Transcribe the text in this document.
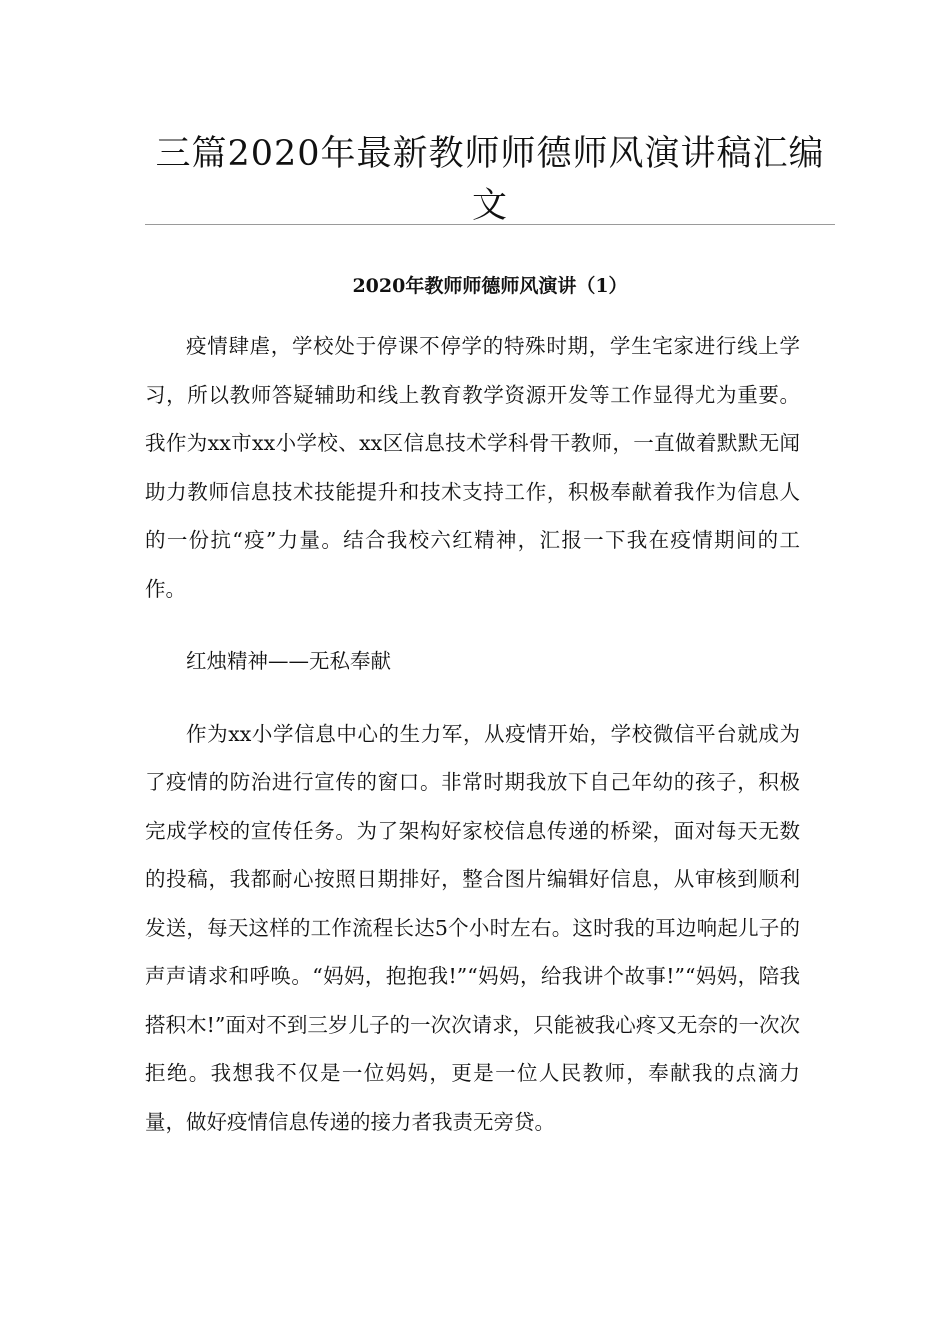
三篇2020年最新教师师德师风演讲稿汇编文
2020年教师师德师风演讲（1）

疫情肆虐，学校处于停课不停学的特殊时期，学生宅家进行线上学习，所以教师答疑辅助和线上教育教学资源开发等工作显得尤为重要。我作为xx市xx小学校、xx区信息技术学科骨干教师，一直做着默默无闻助力教师信息技术技能提升和技术支持工作，积极奉献着我作为信息人的一份抗“疫”力量。结合我校六红精神，汇报一下我在疫情期间的工作。

红烛精神——无私奉献

作为xx小学信息中心的生力军，从疫情开始，学校微信平台就成为了疫情的防治进行宣传的窗口。非常时期我放下自己年幼的孩子，积极完成学校的宣传任务。为了架构好家校信息传递的桥梁，面对每天无数的投稿，我都耐心按照日期排好，整合图片编辑好信息，从审核到顺利发送，每天这样的工作流程长达5个小时左右。这时我的耳边响起儿子的声声请求和呼唤。“妈妈，抱抱我!”“妈妈，给我讲个故事!”“妈妈，陪我搭积木!”面对不到三岁儿子的一次次请求，只能被我心疼又无奈的一次次拒绝。我想我不仅是一位妈妈，更是一位人民教师，奉献我的点滴力量，做好疫情信息传递的接力者我责无旁贷。
